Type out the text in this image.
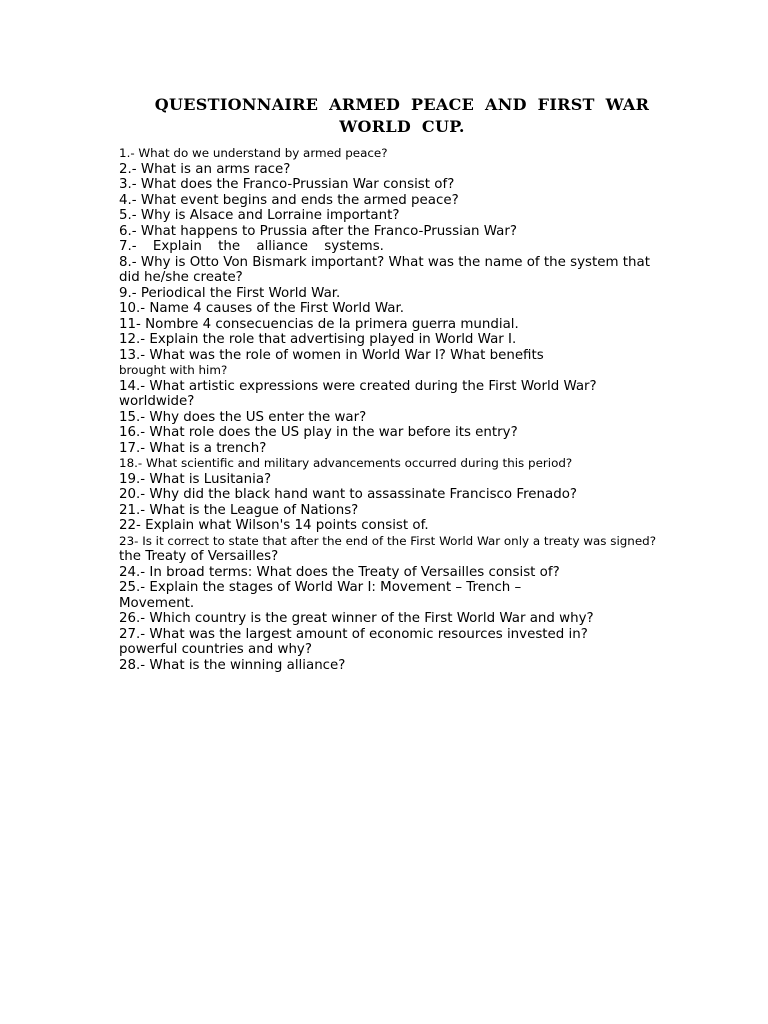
QUESTIONNAIRE ARMED PEACE AND FIRST WAR
WORLD CUP.
1.- What do we understand by armed peace?
2.- What is an arms race?
3.- What does the Franco-Prussian War consist of?
4.- What event begins and ends the armed peace?
5.- Why is Alsace and Lorraine important?
6.- What happens to Prussia after the Franco-Prussian War?
7.- Explain the alliance systems.
8.- Why is Otto Von Bismark important? What was the name of the system that
did he/she create?
9.- Periodical the First World War.
10.- Name 4 causes of the First World War.
11- Nombre 4 consecuencias de la primera guerra mundial.
12.- Explain the role that advertising played in World War I.
13.- What was the role of women in World War I? What benefits
brought with him?
14.- What artistic expressions were created during the First World War?
worldwide?
15.- Why does the US enter the war?
16.- What role does the US play in the war before its entry?
17.- What is a trench?
18.- What scientific and military advancements occurred during this period?
19.- What is Lusitania?
20.- Why did the black hand want to assassinate Francisco Frenado?
21.- What is the League of Nations?
22- Explain what Wilson's 14 points consist of.
23- Is it correct to state that after the end of the First World War only a treaty was signed?
the Treaty of Versailles?
24.- In broad terms: What does the Treaty of Versailles consist of?
25.- Explain the stages of World War I: Movement – Trench –
Movement.
26.- Which country is the great winner of the First World War and why?
27.- What was the largest amount of economic resources invested in?
powerful countries and why?
28.- What is the winning alliance?
